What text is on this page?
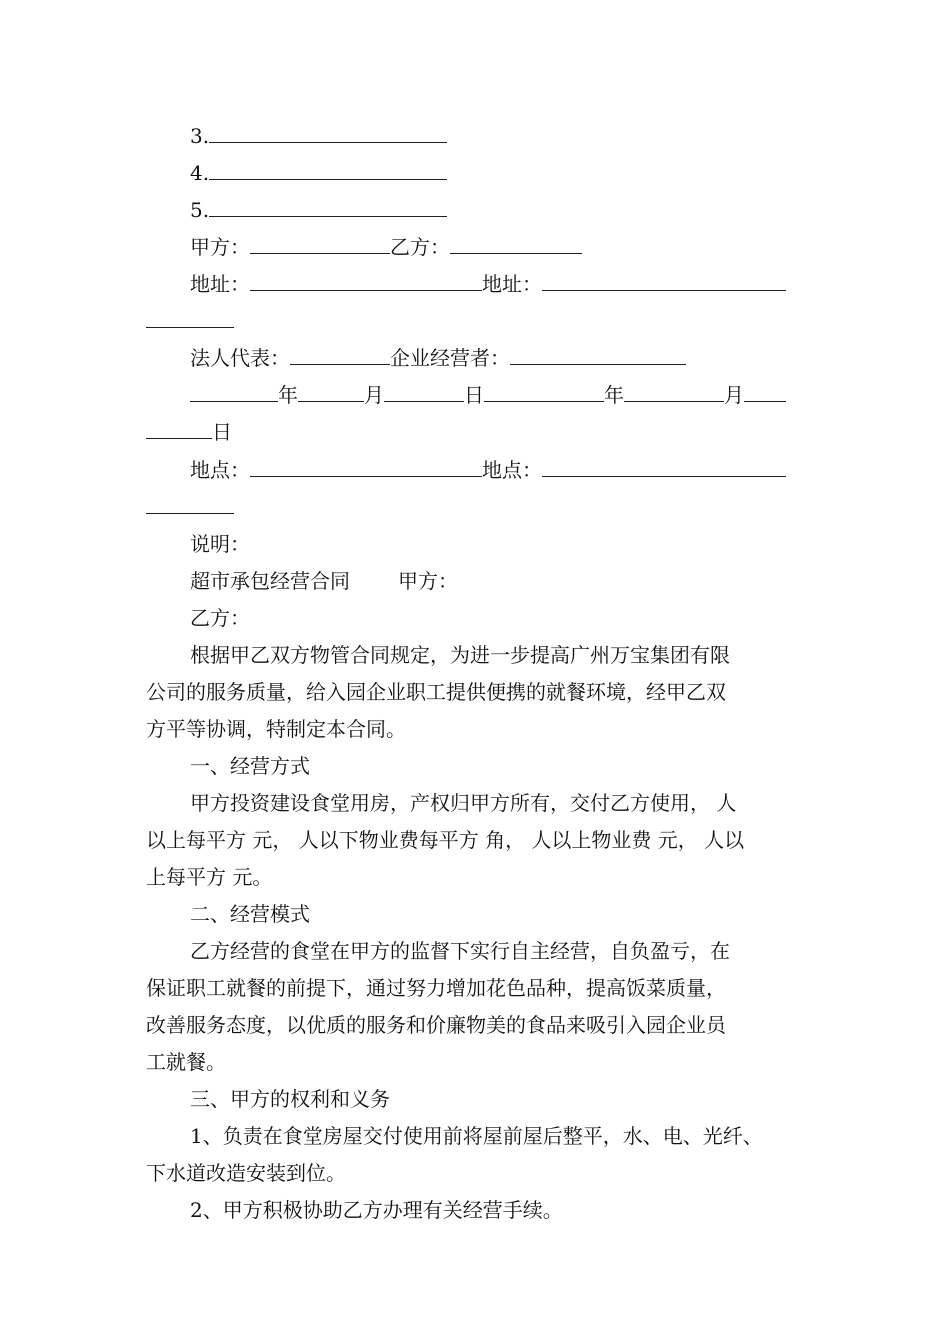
3.
4.
5.
甲方：	乙方：
地址：	地址：
法人代表：	企业经营者：
年	月	日	年	月
日
地点：	地点：
说明：
超市承包经营合同 甲方：
乙方：
根据甲乙双方物管合同规定，为进一步提高广州万宝集团有限
公司的服务质量，给入园企业职工提供便携的就餐环境，经甲乙双
方平等协调，特制定本合同。
一、经营方式
甲方投资建设食堂用房，产权归甲方所有，交付乙方使用， 人
以上每平方 元， 人以下物业费每平方 角， 人以上物业费 元， 人以
上每平方 元。
二、经营模式
乙方经营的食堂在甲方的监督下实行自主经营，自负盈亏，在
保证职工就餐的前提下，通过努力增加花色品种，提高饭菜质量，
改善服务态度，以优质的服务和价廉物美的食品来吸引入园企业员
工就餐。
三、甲方的权利和义务
1、负责在食堂房屋交付使用前将屋前屋后整平，水、电、光纤、
下水道改造安装到位。
2、甲方积极协助乙方办理有关经营手续。
